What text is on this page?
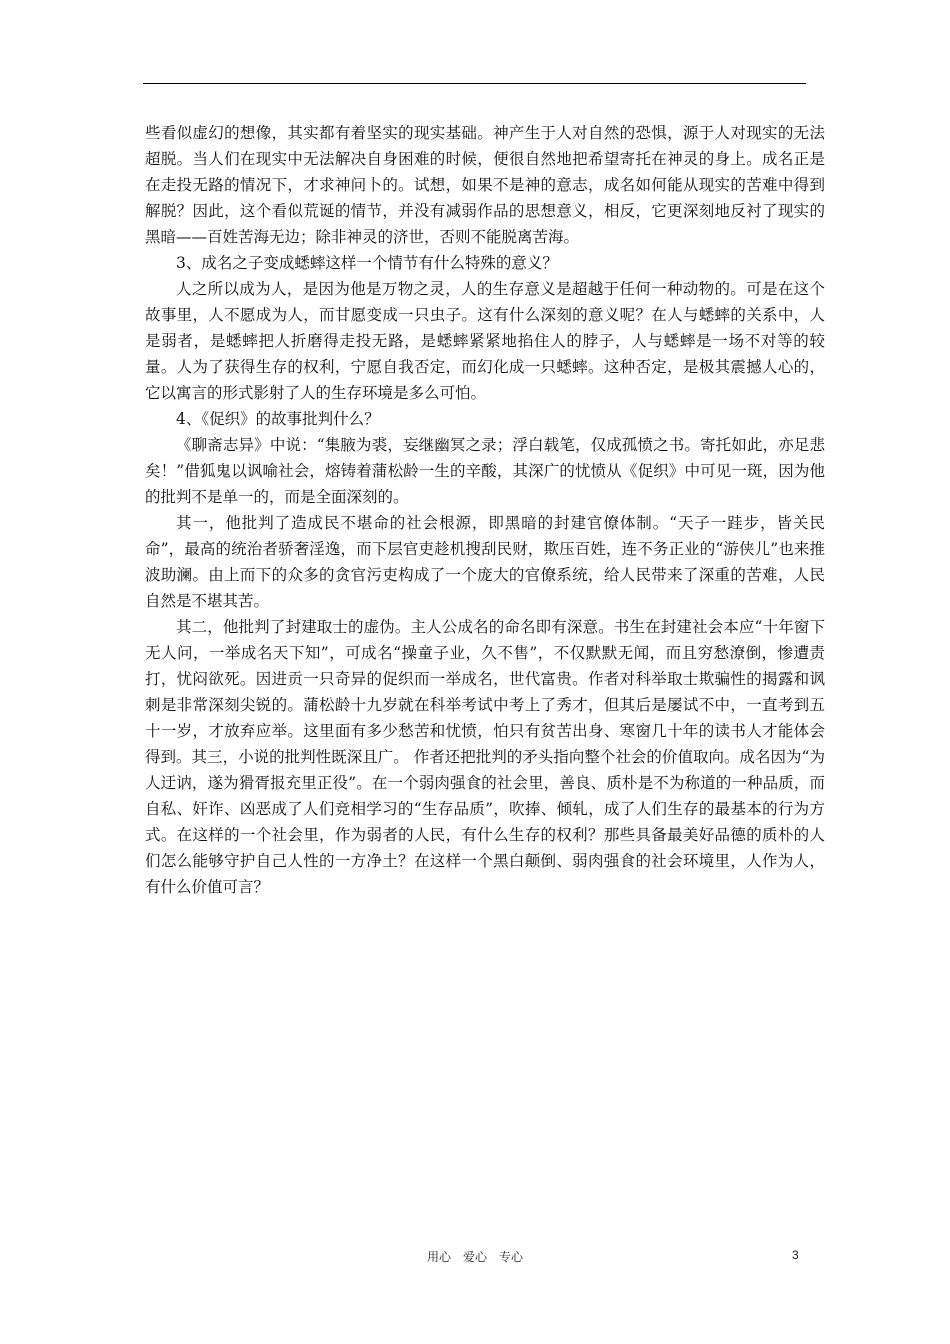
些看似虚幻的想像，其实都有着坚实的现实基础。神产生于人对自然的恐惧，源于人对现实的无法超脱。当人们在现实中无法解决自身困难的时候，便很自然地把希望寄托在神灵的身上。成名正是在走投无路的情况下，才求神问卜的。试想，如果不是神的意志，成名如何能从现实的苦难中得到解脱？因此，这个看似荒诞的情节，并没有减弱作品的思想意义，相反，它更深刻地反衬了现实的黑暗——百姓苦海无边；除非神灵的济世，否则不能脱离苦海。

3、成名之子变成蟋蟀这样一个情节有什么特殊的意义？

人之所以成为人，是因为他是万物之灵，人的生存意义是超越于任何一种动物的。可是在这个故事里，人不愿成为人，而甘愿变成一只虫子。这有什么深刻的意义呢？在人与蟋蟀的关系中，人是弱者，是蟋蟀把人折磨得走投无路，是蟋蟀紧紧地掐住人的脖子，人与蟋蟀是一场不对等的较量。人为了获得生存的权利，宁愿自我否定，而幻化成一只蟋蟀。这种否定，是极其震撼人心的，它以寓言的形式影射了人的生存环境是多么可怕。

4、《促织》的故事批判什么？

《聊斋志异》中说：“集腋为裘，妄继幽冥之录；浮白载笔，仅成孤愤之书。寄托如此，亦足悲矣！”借狐鬼以讽喻社会，熔铸着蒲松龄一生的辛酸，其深广的忧愤从《促织》中可见一斑，因为他的批判不是单一的，而是全面深刻的。

其一，他批判了造成民不堪命的社会根源，即黑暗的封建官僚体制。“天子一跬步，皆关民命”，最高的统治者骄奢淫逸，而下层官吏趁机搜刮民财，欺压百姓，连不务正业的“游侠儿”也来推波助澜。由上而下的众多的贪官污吏构成了一个庞大的官僚系统，给人民带来了深重的苦难，人民自然是不堪其苦。

其二，他批判了封建取士的虚伪。主人公成名的命名即有深意。书生在封建社会本应“十年窗下无人问，一举成名天下知”，可成名“操童子业，久不售”，不仅默默无闻，而且穷愁潦倒，惨遭责打，忧闷欲死。因进贡一只奇异的促织而一举成名，世代富贵。作者对科举取士欺骗性的揭露和讽刺是非常深刻尖锐的。蒲松龄十九岁就在科举考试中考上了秀才，但其后是屡试不中，一直考到五十一岁，才放弃应举。这里面有多少愁苦和忧愤，怕只有贫苦出身、寒窗几十年的读书人才能体会得到。其三，小说的批判性既深且广。 作者还把批判的矛头指向整个社会的价值取向。成名因为“为人迂讷，遂为猾胥报充里正役”。在一个弱肉强食的社会里，善良、质朴是不为称道的一种品质，而自私、奸诈、凶恶成了人们竞相学习的“生存品质”，吹捧、倾轧，成了人们生存的最基本的行为方式。在这样的一个社会里，作为弱者的人民，有什么生存的权利？那些具备最美好品德的质朴的人们怎么能够守护自己人性的一方净土？在这样一个黑白颠倒、弱肉强食的社会环境里，人作为人，有什么价值可言？

用心　爱心　专心	3
